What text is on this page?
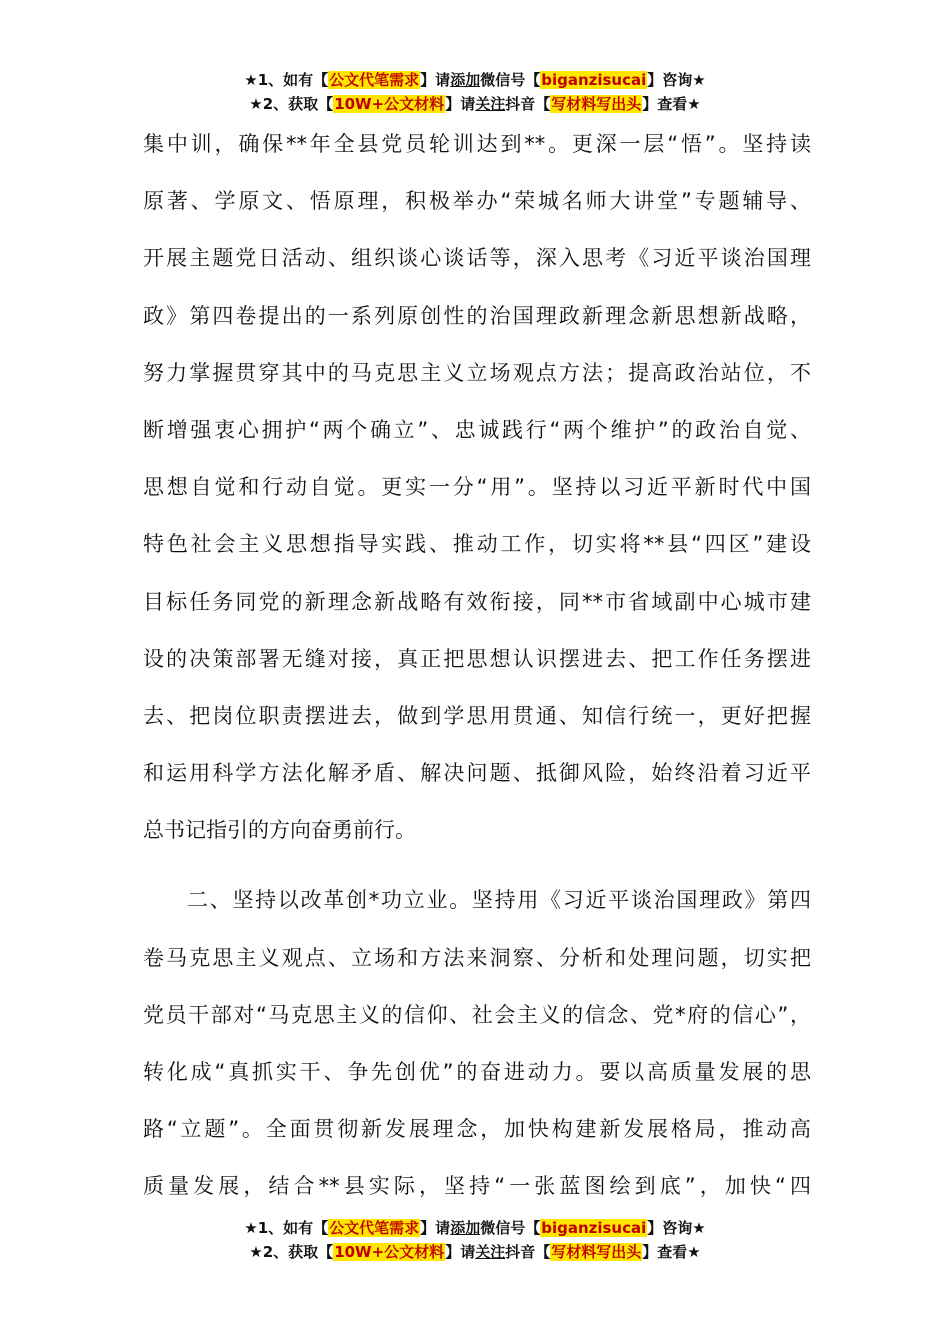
★1、如有【公文代笔需求】请添加微信号【biganzisucai】咨询★
★2、获取【10W+公文材料】请关注抖音【写材料写出头】查看★
集中训，确保**年全县党员轮训达到**。更深一层“悟”。坚持读
原著、学原文、悟原理，积极举办“荣城名师大讲堂”专题辅导、
开展主题党日活动、组织谈心谈话等，深入思考《习近平谈治国理
政》第四卷提出的一系列原创性的治国理政新理念新思想新战略，
努力掌握贯穿其中的马克思主义立场观点方法；提高政治站位，不
断增强衷心拥护“两个确立”、忠诚践行“两个维护”的政治自觉、
思想自觉和行动自觉。更实一分“用”。坚持以习近平新时代中国
特色社会主义思想指导实践、推动工作，切实将**县“四区”建设
目标任务同党的新理念新战略有效衔接，同**市省域副中心城市建
设的决策部署无缝对接，真正把思想认识摆进去、把工作任务摆进
去、把岗位职责摆进去，做到学思用贯通、知信行统一，更好把握
和运用科学方法化解矛盾、解决问题、抵御风险，始终沿着习近平
总书记指引的方向奋勇前行。
二、坚持以改革创*功立业。坚持用《习近平谈治国理政》第四
卷马克思主义观点、立场和方法来洞察、分析和处理问题，切实把
党员干部对“马克思主义的信仰、社会主义的信念、党*府的信心”，
转化成“真抓实干、争先创优”的奋进动力。要以高质量发展的思
路“立题”。全面贯彻新发展理念，加快构建新发展格局，推动高
质量发展，结合**县实际，坚持“一张蓝图绘到底”，加快“四
★1、如有【公文代笔需求】请添加微信号【biganzisucai】咨询★
★2、获取【10W+公文材料】请关注抖音【写材料写出头】查看★
